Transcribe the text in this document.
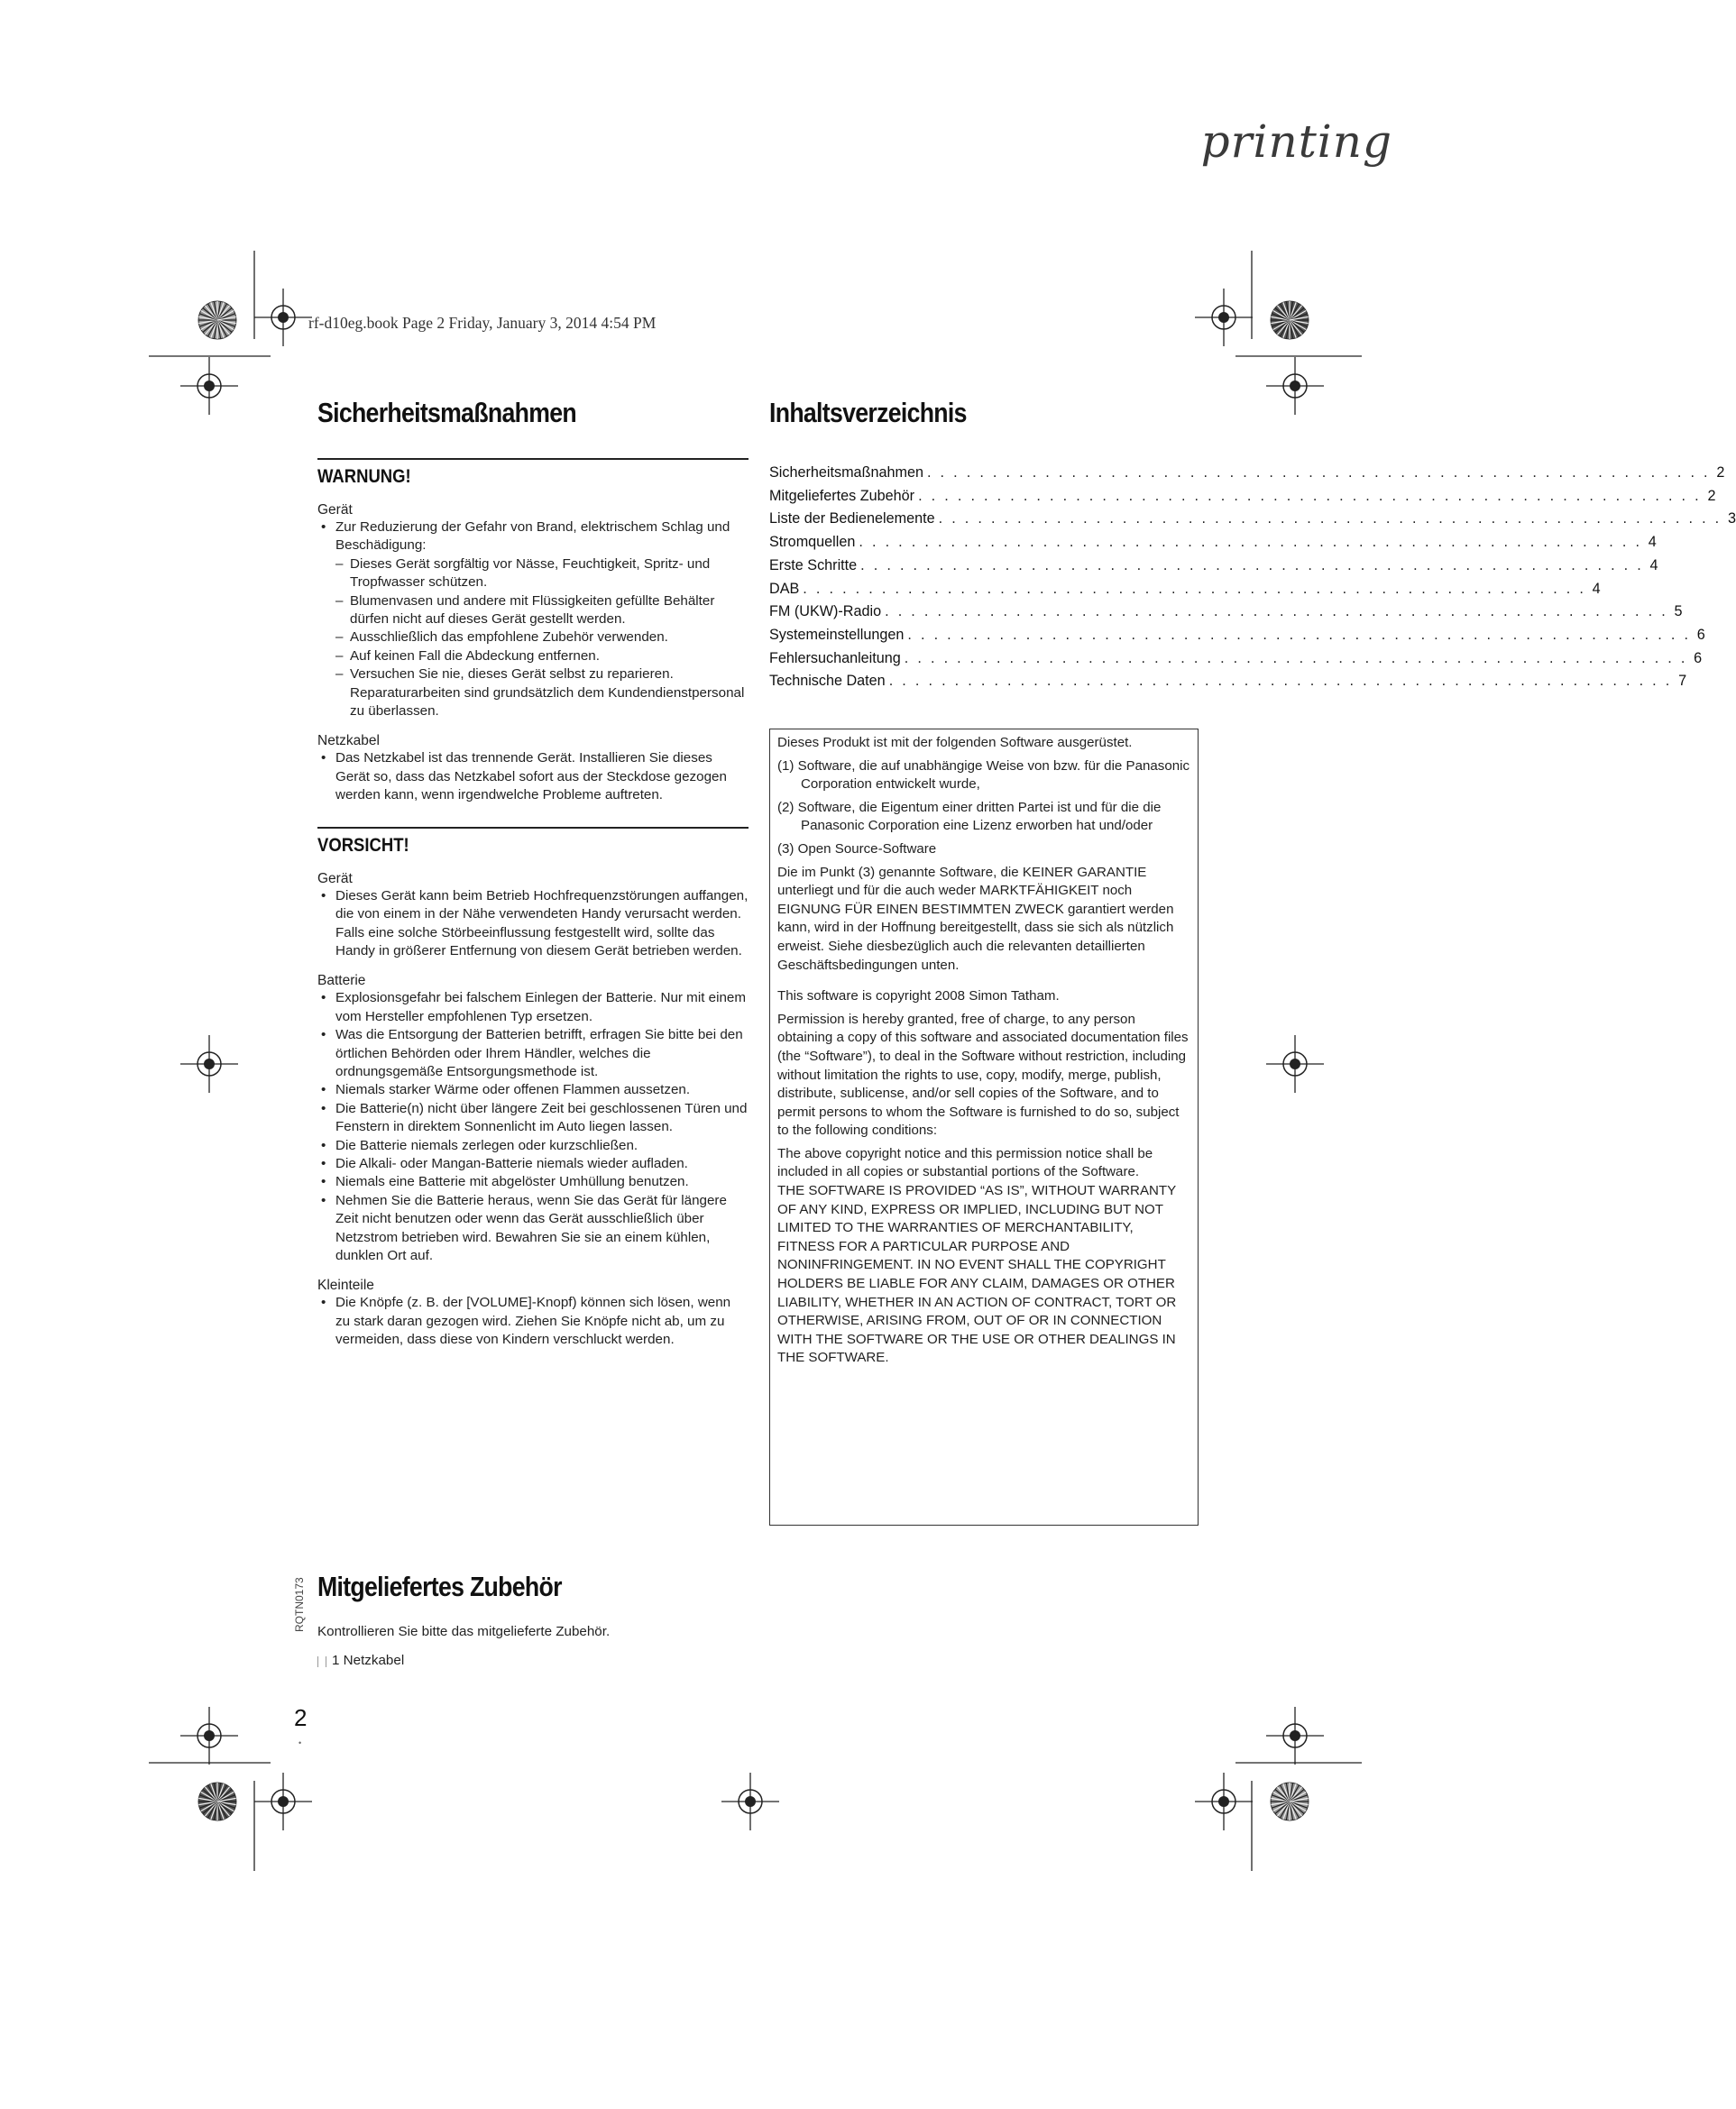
printing
rf-d10eg.book Page 2 Friday, January 3, 2014 4:54 PM
Sicherheitsmaßnahmen
WARNUNG!
Gerät

• Zur Reduzierung der Gefahr von Brand, elektrischem Schlag und Beschädigung:

– Dieses Gerät sorgfältig vor Nässe, Feuchtigkeit, Spritz- und Tropfwasser schützen.

– Blumenvasen und andere mit Flüssigkeiten gefüllte Behälter dürfen nicht auf dieses Gerät gestellt werden.

– Ausschließlich das empfohlene Zubehör verwenden.

– Auf keinen Fall die Abdeckung entfernen.

– Versuchen Sie nie, dieses Gerät selbst zu reparieren. Reparaturarbeiten sind grundsätzlich dem Kundendienstpersonal zu überlassen.

Netzkabel

• Das Netzkabel ist das trennende Gerät. Installieren Sie dieses Gerät so, dass das Netzkabel sofort aus der Steckdose gezogen werden kann, wenn irgendwelche Probleme auftreten.

VORSICHT!
Gerät

• Dieses Gerät kann beim Betrieb Hochfrequenzstörungen auffangen, die von einem in der Nähe verwendeten Handy verursacht werden. Falls eine solche Störbeeinflussung festgestellt wird, sollte das Handy in größerer Entfernung von diesem Gerät betrieben werden.

Batterie

• Explosionsgefahr bei falschem Einlegen der Batterie. Nur mit einem vom Hersteller empfohlenen Typ ersetzen.

• Was die Entsorgung der Batterien betrifft, erfragen Sie bitte bei den örtlichen Behörden oder Ihrem Händler, welches die ordnungsgemäße Entsorgungsmethode ist.

• Niemals starker Wärme oder offenen Flammen aussetzen.

• Die Batterie(n) nicht über längere Zeit bei geschlossenen Türen und Fenstern in direktem Sonnenlicht im Auto liegen lassen.

• Die Batterie niemals zerlegen oder kurzschließen.

• Die Alkali- oder Mangan-Batterie niemals wieder aufladen.

• Niemals eine Batterie mit abgelöster Umhüllung benutzen.

• Nehmen Sie die Batterie heraus, wenn Sie das Gerät für längere Zeit nicht benutzen oder wenn das Gerät ausschließlich über Netzstrom betrieben wird. Bewahren Sie sie an einem kühlen, dunklen Ort auf.

Kleinteile

• Die Knöpfe (z. B. der [VOLUME]-Knopf) können sich lösen, wenn zu stark daran gezogen wird. Ziehen Sie Knöpfe nicht ab, um zu vermeiden, dass diese von Kindern verschluckt werden.

Inhaltsverzeichnis
Sicherheitsmaßnahmen . . . . . . . . . . . . . . . . . . . . . . . . . . . . . . . . . . . . . . . . . . . . . . . . . . . . . . . . . . . . 2
Mitgeliefertes Zubehör . . . . . . . . . . . . . . . . . . . . . . . . . . . . . . . . . . . . . . . . . . . . . . . . . . . . . . . . . . . . 2
Liste der Bedienelemente . . . . . . . . . . . . . . . . . . . . . . . . . . . . . . . . . . . . . . . . . . . . . . . . . . . . . . . . . . . . 3
Stromquellen . . . . . . . . . . . . . . . . . . . . . . . . . . . . . . . . . . . . . . . . . . . . . . . . . . . . . . . . . . . . 4
Erste Schritte . . . . . . . . . . . . . . . . . . . . . . . . . . . . . . . . . . . . . . . . . . . . . . . . . . . . . . . . . . . . 4
DAB . . . . . . . . . . . . . . . . . . . . . . . . . . . . . . . . . . . . . . . . . . . . . . . . . . . . . . . . . . . . 4
FM (UKW)-Radio . . . . . . . . . . . . . . . . . . . . . . . . . . . . . . . . . . . . . . . . . . . . . . . . . . . . . . . . . . . . 5
Systemeinstellungen . . . . . . . . . . . . . . . . . . . . . . . . . . . . . . . . . . . . . . . . . . . . . . . . . . . . . . . . . . . . 6
Fehlersuchanleitung . . . . . . . . . . . . . . . . . . . . . . . . . . . . . . . . . . . . . . . . . . . . . . . . . . . . . . . . . . . . 6
Technische Daten . . . . . . . . . . . . . . . . . . . . . . . . . . . . . . . . . . . . . . . . . . . . . . . . . . . . . . . . . . . . 7

Dieses Produkt ist mit der folgenden Software ausgerüstet.

(1) Software, die auf unabhängige Weise von bzw. für die Panasonic Corporation entwickelt wurde,

(2) Software, die Eigentum einer dritten Partei ist und für die die Panasonic Corporation eine Lizenz erworben hat und/oder

(3) Open Source-Software

Die im Punkt (3) genannte Software, die KEINER GARANTIE unterliegt und für die auch weder MARKTFÄHIGKEIT noch EIGNUNG FÜR EINEN BESTIMMTEN ZWECK garantiert werden kann, wird in der Hoffnung bereitgestellt, dass sie sich als nützlich erweist. Siehe diesbezüglich auch die relevanten detaillierten Geschäftsbedingungen unten.

This software is copyright 2008 Simon Tatham.

Permission is hereby granted, free of charge, to any person obtaining a copy of this software and associated documentation files (the “Software”), to deal in the Software without restriction, including without limitation the rights to use, copy, modify, merge, publish, distribute, sublicense, and/or sell copies of the Software, and to permit persons to whom the Software is furnished to do so, subject to the following conditions:

The above copyright notice and this permission notice shall be included in all copies or substantial portions of the Software.

THE SOFTWARE IS PROVIDED “AS IS”, WITHOUT WARRANTY OF ANY KIND, EXPRESS OR IMPLIED, INCLUDING BUT NOT LIMITED TO THE WARRANTIES OF MERCHANTABILITY, FITNESS FOR A PARTICULAR PURPOSE AND NONINFRINGEMENT. IN NO EVENT SHALL THE COPYRIGHT HOLDERS BE LIABLE FOR ANY CLAIM, DAMAGES OR OTHER LIABILITY, WHETHER IN AN ACTION OF CONTRACT, TORT OR OTHERWISE, ARISING FROM, OUT OF OR IN CONNECTION WITH THE SOFTWARE OR THE USE OR OTHER DEALINGS IN THE SOFTWARE.

Mitgeliefertes Zubehör
Kontrollieren Sie bitte das mitgelieferte Zubehör.
1 Netzkabel
RQTN0173
2
•
